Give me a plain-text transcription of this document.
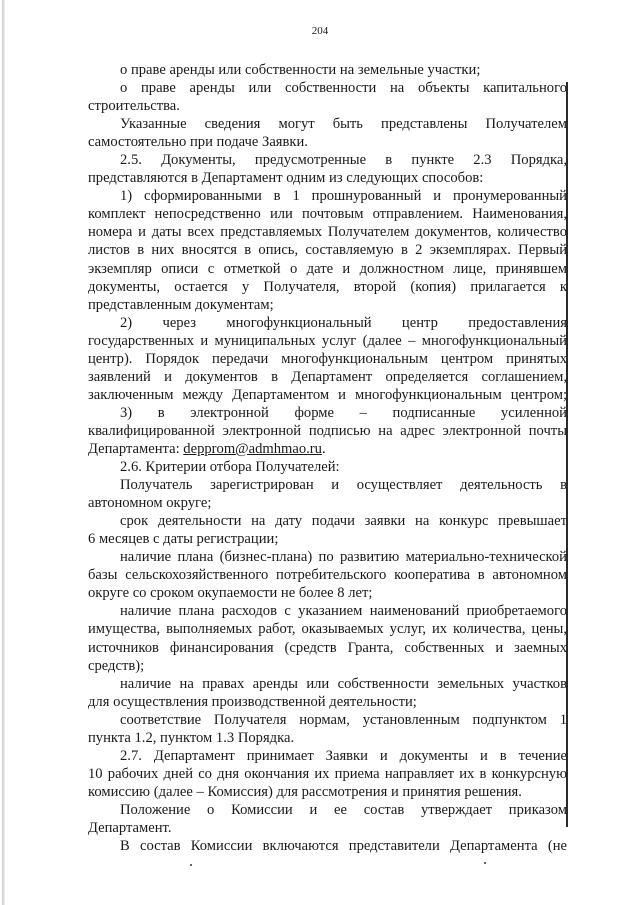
204
о праве аренды или собственности на земельные участки;
о праве аренды или собственности на объекты капитального
строительства.
Указанные сведения могут быть представлены Получателем
самостоятельно при подаче Заявки.
2.5. Документы, предусмотренные в пункте 2.3 Порядка,
представляются в Департамент одним из следующих способов:
1) сформированными в 1 прошнурованный и пронумерованный
комплект непосредственно или почтовым отправлением. Наименования,
номера и даты всех представляемых Получателем документов, количество
листов в них вносятся в опись, составляемую в 2 экземплярах. Первый
экземпляр описи с отметкой о дате и должностном лице, принявшем
документы, остается у Получателя, второй (копия) прилагается к
представленным документам;
2) через многофункциональный центр предоставления
государственных и муниципальных услуг (далее – многофункциональный
центр). Порядок передачи многофункциональным центром принятых
заявлений и документов в Департамент определяется соглашением,
заключенным между Департаментом и многофункциональным центром;
3) в электронной форме – подписанные усиленной
квалифицированной электронной подписью на адрес электронной почты
Департамента: depprom@admhmao.ru.
2.6. Критерии отбора Получателей:
Получатель зарегистрирован и осуществляет деятельность в
автономном округе;
срок деятельности на дату подачи заявки на конкурс превышает
6 месяцев с даты регистрации;
наличие плана (бизнес-плана) по развитию материально-технической
базы сельскохозяйственного потребительского кооператива в автономном
округе со сроком окупаемости не более 8 лет;
наличие плана расходов с указанием наименований приобретаемого
имущества, выполняемых работ, оказываемых услуг, их количества, цены,
источников финансирования (средств Гранта, собственных и заемных
средств);
наличие на правах аренды или собственности земельных участков
для осуществления производственной деятельности;
соответствие Получателя нормам, установленным подпунктом 1
пункта 1.2, пунктом 1.3 Порядка.
2.7. Департамент принимает Заявки и документы и в течение
10 рабочих дней со дня окончания их приема направляет их в конкурсную
комиссию (далее – Комиссия) для рассмотрения и принятия решения.
Положение о Комиссии и ее состав утверждает приказом
Департамент.
В состав Комиссии включаются представители Департамента (не
